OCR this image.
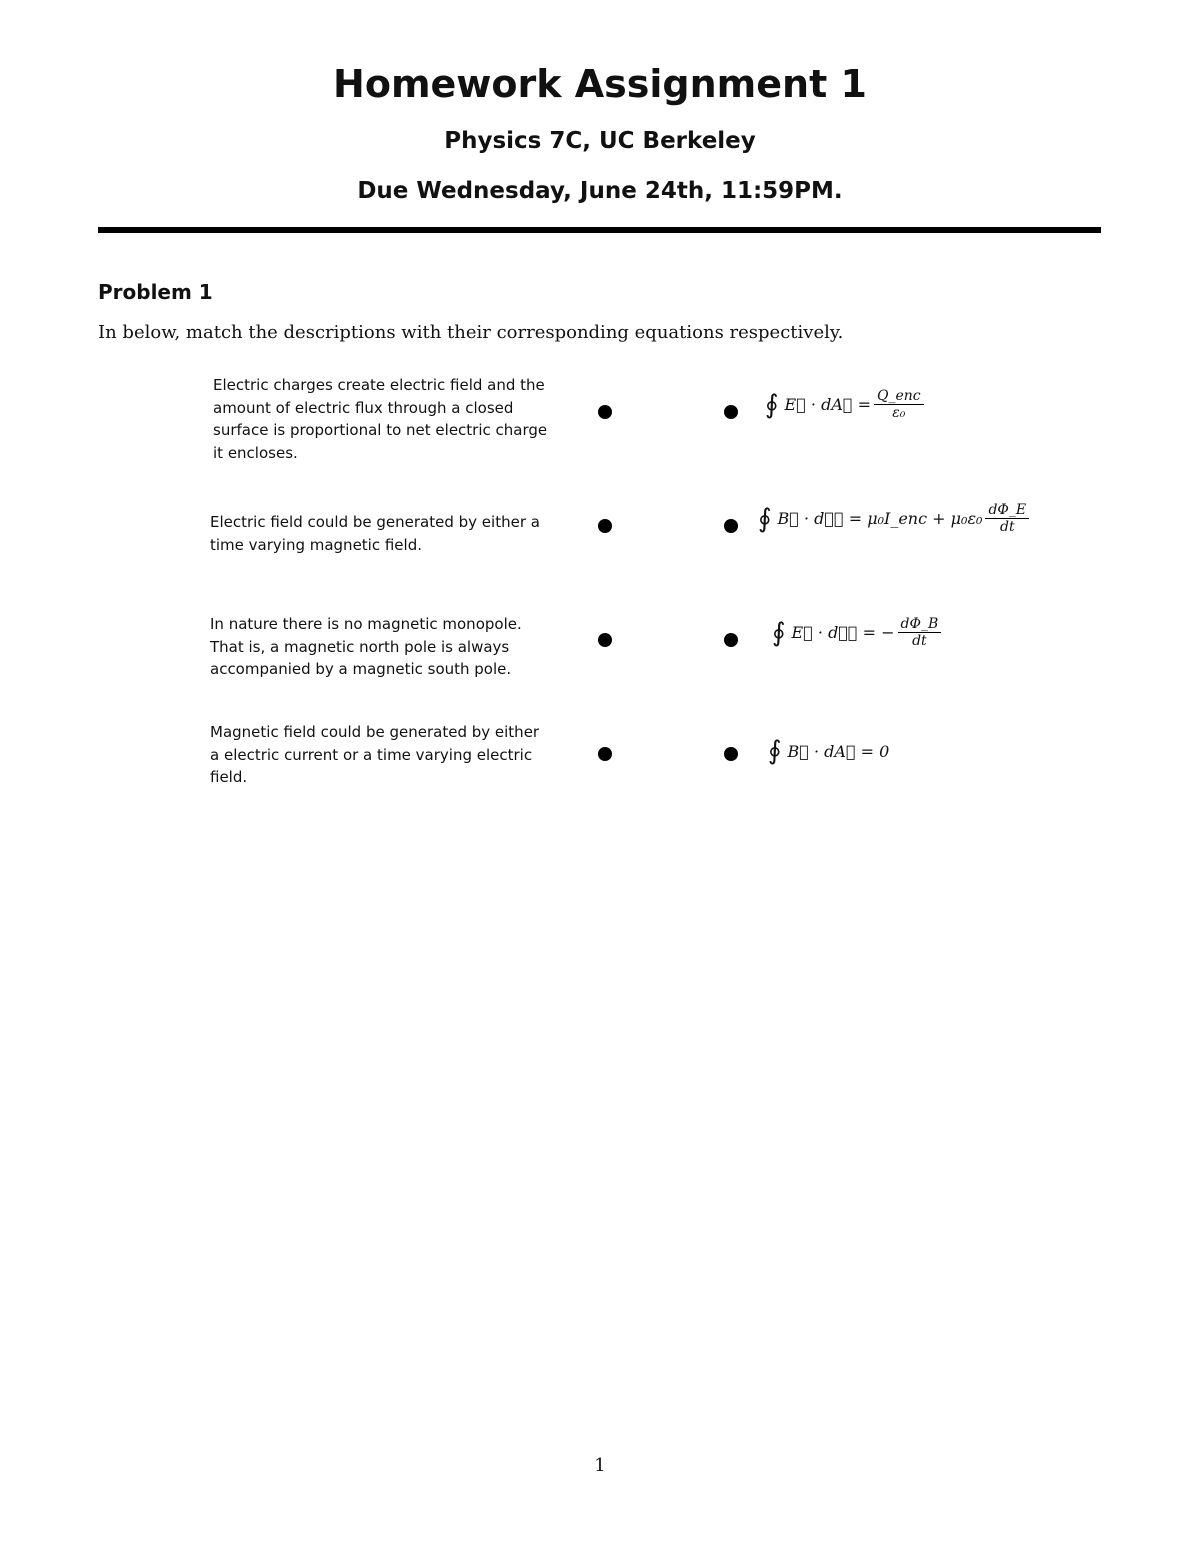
Homework Assignment 1
Physics 7C, UC Berkeley
Due Wednesday, June 24th, 11:59PM.
Problem 1
In below, match the descriptions with their corresponding equations respectively.
Electric charges create electric field and the amount of electric flux through a closed surface is proportional to net electric charge it encloses.
Electric field could be generated by either a time varying magnetic field.
In nature there is no magnetic monopole. That is, a magnetic north pole is always accompanied by a magnetic south pole.
Magnetic field could be generated by either a electric current or a time varying electric field.
∮ E⃗ · dA⃗ = $\frac{\text{Q\_enc}}{\text{ε₀}}$
∮ B⃗ · dℓ⃗ = μ₀I_enc + $\mu_0\varepsilon_0 \frac{d\Phi\_E}{dt}$
∮ E⃗ · dℓ⃗ = − $\frac{d\Phi\_B}{dt}$
∮ B⃗ · dA⃗ = 0
1
